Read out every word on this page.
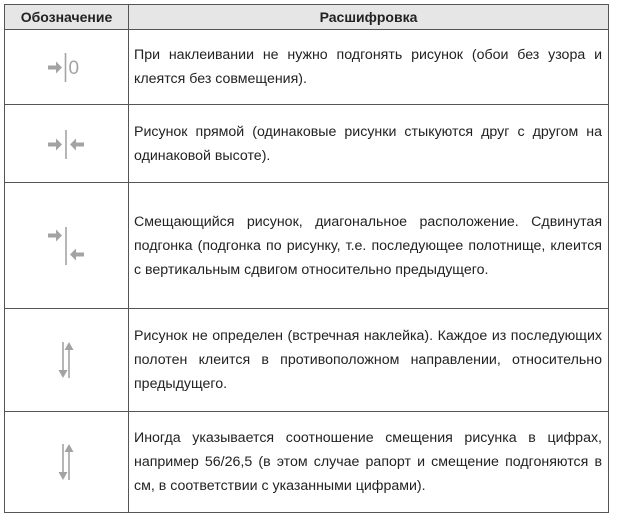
Обозначение	Расшифровка

0	При наклеивании не нужно подгонять рисунок (обои без узора и клеятся без совмещения).

	Рисунок прямой (одинаковые рисунки стыкуются друг с другом на одинаковой высоте).

	Смещающийся рисунок, диагональное расположение. Сдвинутая подгонка (подгонка по рисунку, т.е. последующее полотнище, клеится с вертикальным сдвигом относительно предыдущего.

	Рисунок не определен (встречная наклейка). Каждое из последующих полотен клеится в противоположном направлении, относительно предыдущего.

	Иногда указывается соотношение смещения рисунка в цифрах, например 56/26,5 (в этом случае рапорт и смещение подгоняются в см, в соответствии с указанными цифрами).
